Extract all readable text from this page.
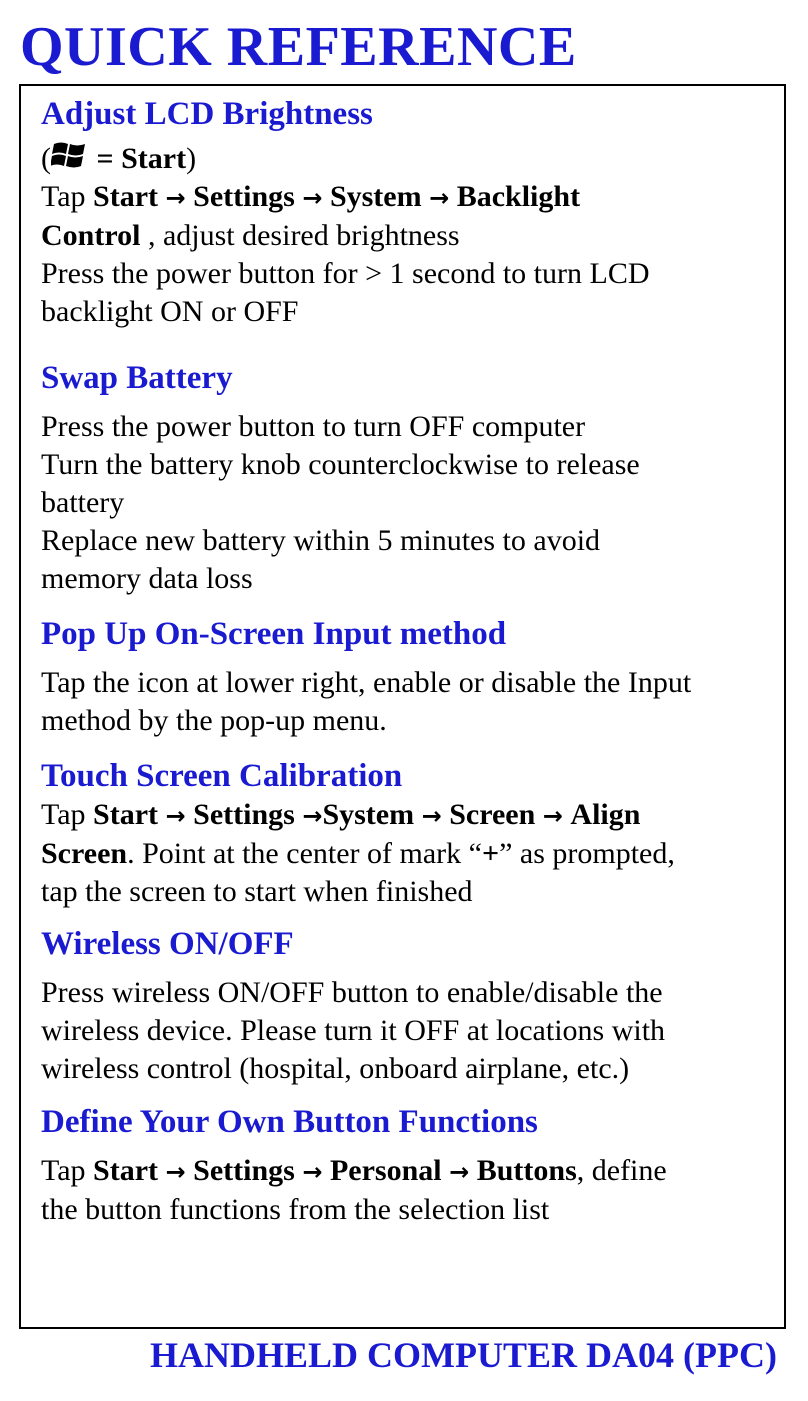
QUICK REFERENCE
Adjust LCD Brightness

( = Start)

Tap Start → Settings → System → Backlight

Control , adjust desired brightness

Press the power button for > 1 second to turn LCD

backlight ON or OFF

Swap Battery

Press the power button to turn OFF computer

Turn the battery knob counterclockwise to release

battery

Replace new battery within 5 minutes to avoid

memory data loss

Pop Up On-Screen Input method

Tap the icon at lower right, enable or disable the Input

method by the pop-up menu.

Touch Screen Calibration

Tap Start → Settings →System → Screen → Align

Screen. Point at the center of mark “+” as prompted,

tap the screen to start when finished

Wireless ON/OFF

Press wireless ON/OFF button to enable/disable the

wireless device. Please turn it OFF at locations with

wireless control (hospital, onboard airplane, etc.)

Define Your Own Button Functions

Tap Start → Settings → Personal → Buttons, define

the button functions from the selection list

HANDHELD COMPUTER DA04 (PPC)
